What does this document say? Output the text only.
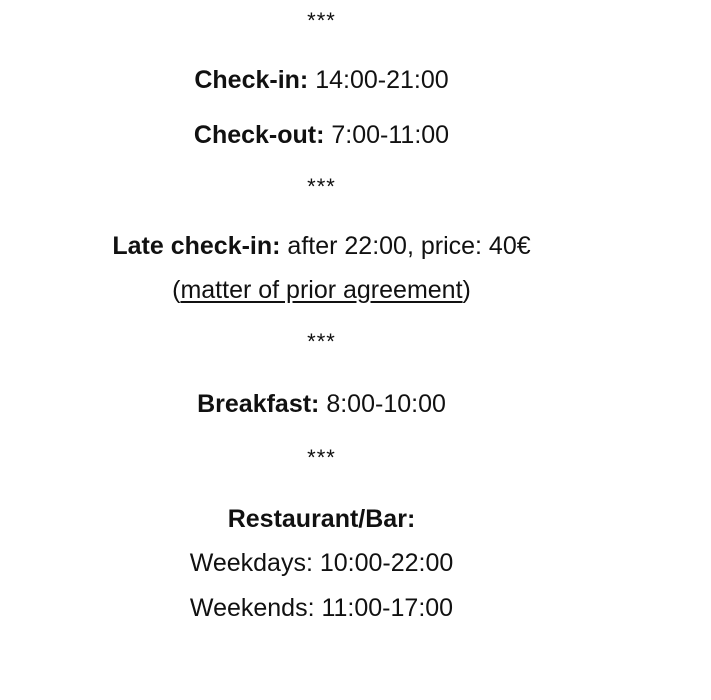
***
Check-in: 14:00-21:00
Check-out: 7:00-11:00
***
Late check-in: after 22:00, price: 40€
(matter of prior agreement)
***
Breakfast: 8:00-10:00
***
Restaurant/Bar:
Weekdays: 10:00-22:00
Weekends: 11:00-17:00
